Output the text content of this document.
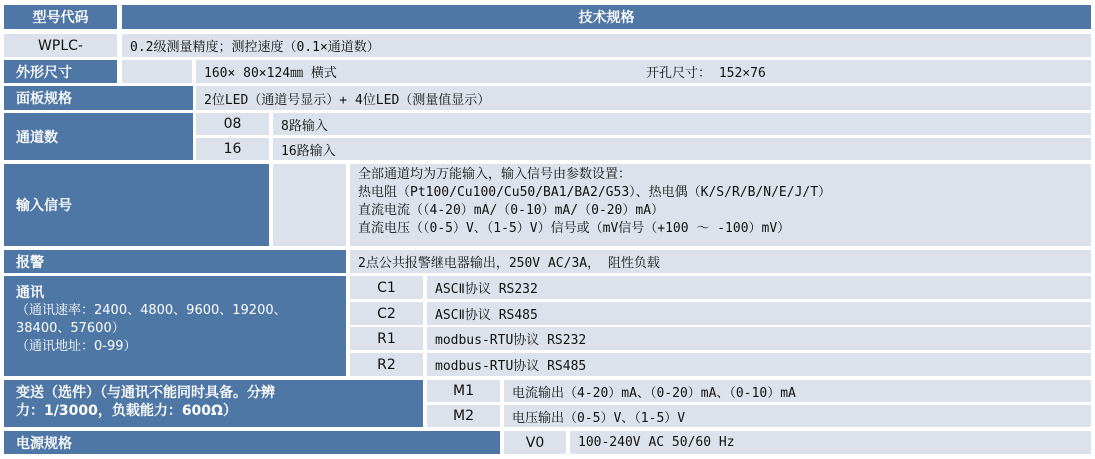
型号代码	技术规格
WPLC-	0.2级测量精度；测控速度（0.1×通道数）
外形尺寸	160× 80×124㎜ 横式	开孔尺寸： 152×76
面板规格	2位LED（通道号显示）+ 4位LED（测量值显示）
通道数
08	8路输入
16	16路输入
输入信号
全部通道均为万能输入，输入信号由参数设置：
热电阻（Pt100/Cu100/Cu50/BA1/BA2/G53）、热电偶（K/S/R/B/N/E/J/T）
直流电流（（4-20）mA/（0-10）mA/（0-20）mA）
直流电压（（0-5）V、（1-5）V）信号或（mV信号（+100 ～ -100）mV）
报警	2点公共报警继电器输出，250V AC/3A， 阻性负载
通讯
（通讯速率：2400、4800、9600、19200、
38400、57600）
（通讯地址：0-99）
C1	ASCⅡ协议 RS232
C2	ASCⅡ协议 RS485
R1	modbus-RTU协议 RS232
R2	modbus-RTU协议 RS485
变送（选件）（与通讯不能同时具备。分辨
力：1/3000，负载能力：600Ω）
M1	电流输出（4-20）mA、（0-20）mA、（0-10）mA
M2	电压输出（0-5）V、（1-5）V
电源规格	V0	100-240V AC 50/60 Hz
